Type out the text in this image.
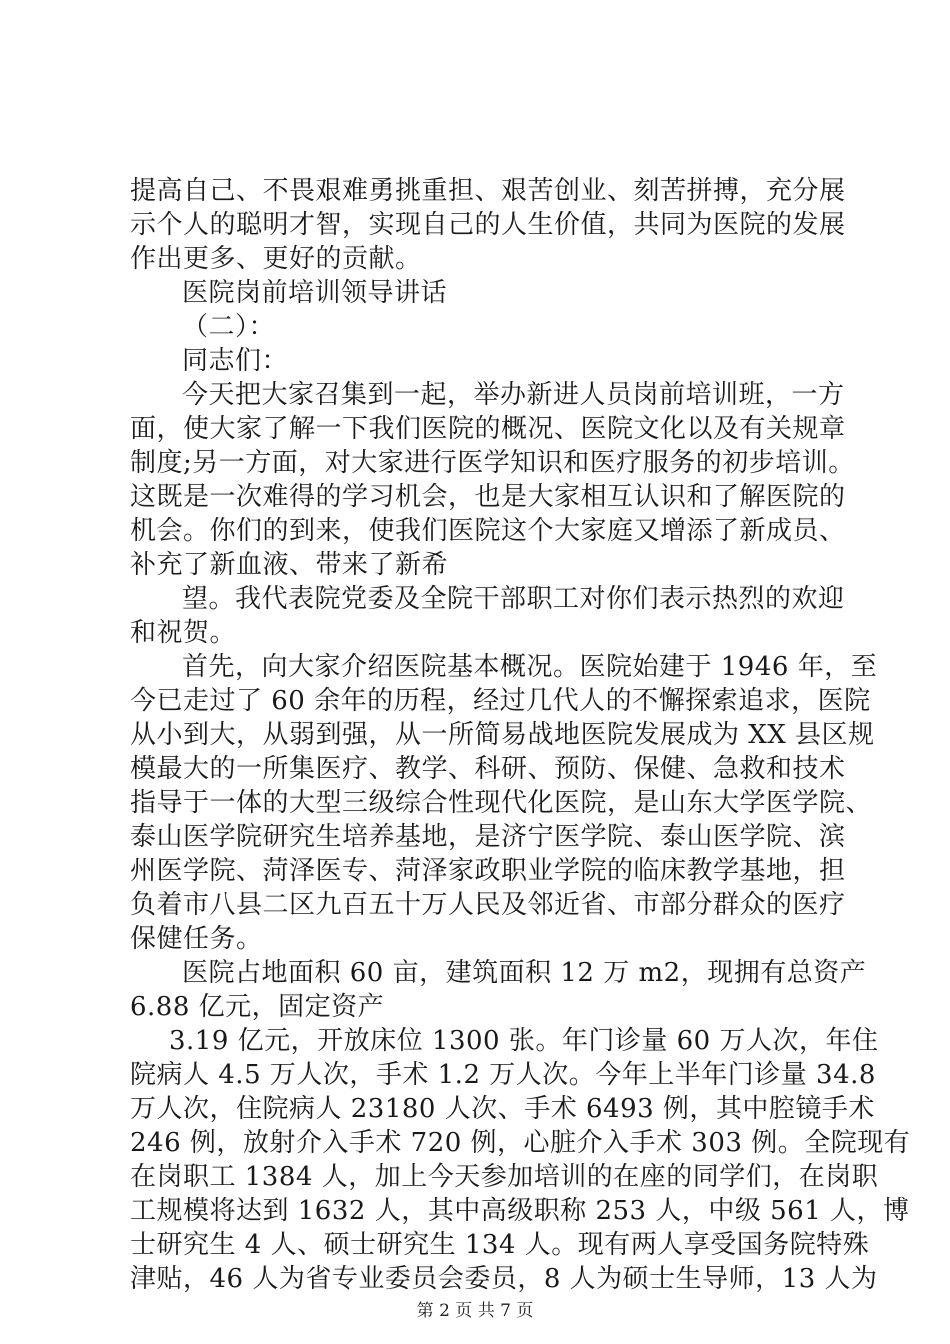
提高自己、不畏艰难勇挑重担、艰苦创业、刻苦拼搏，充分展
示个人的聪明才智，实现自己的人生价值，共同为医院的发展
作出更多、更好的贡献。
医院岗前培训领导讲话
（二）：
同志们：
今天把大家召集到一起，举办新进人员岗前培训班，一方
面，使大家了解一下我们医院的概况、医院文化以及有关规章
制度;另一方面，对大家进行医学知识和医疗服务的初步培训。
这既是一次难得的学习机会，也是大家相互认识和了解医院的
机会。你们的到来，使我们医院这个大家庭又增添了新成员、
补充了新血液、带来了新希
望。我代表院党委及全院干部职工对你们表示热烈的欢迎
和祝贺。
首先，向大家介绍医院基本概况。医院始建于 1946 年，至
今已走过了 60 余年的历程，经过几代人的不懈探索追求，医院
从小到大，从弱到强，从一所简易战地医院发展成为 XX 县区规
模最大的一所集医疗、教学、科研、预防、保健、急救和技术
指导于一体的大型三级综合性现代化医院，是山东大学医学院、
泰山医学院研究生培养基地，是济宁医学院、泰山医学院、滨
州医学院、菏泽医专、菏泽家政职业学院的临床教学基地，担
负着市八县二区九百五十万人民及邻近省、市部分群众的医疗
保健任务。
医院占地面积 60 亩，建筑面积 12 万 m2，现拥有总资产
6.88 亿元，固定资产
3.19 亿元，开放床位 1300 张。年门诊量 60 万人次，年住
院病人 4.5 万人次，手术 1.2 万人次。今年上半年门诊量 34.8
万人次，住院病人 23180 人次、手术 6493 例，其中腔镜手术
246 例，放射介入手术 720 例，心脏介入手术 303 例。全院现有
在岗职工 1384 人，加上今天参加培训的在座的同学们，在岗职
工规模将达到 1632 人，其中高级职称 253 人，中级 561 人，博
士研究生 4 人、硕士研究生 134 人。现有两人享受国务院特殊
津贴，46 人为省专业委员会委员，8 人为硕士生导师，13 人为
第 2 页 共 7 页
